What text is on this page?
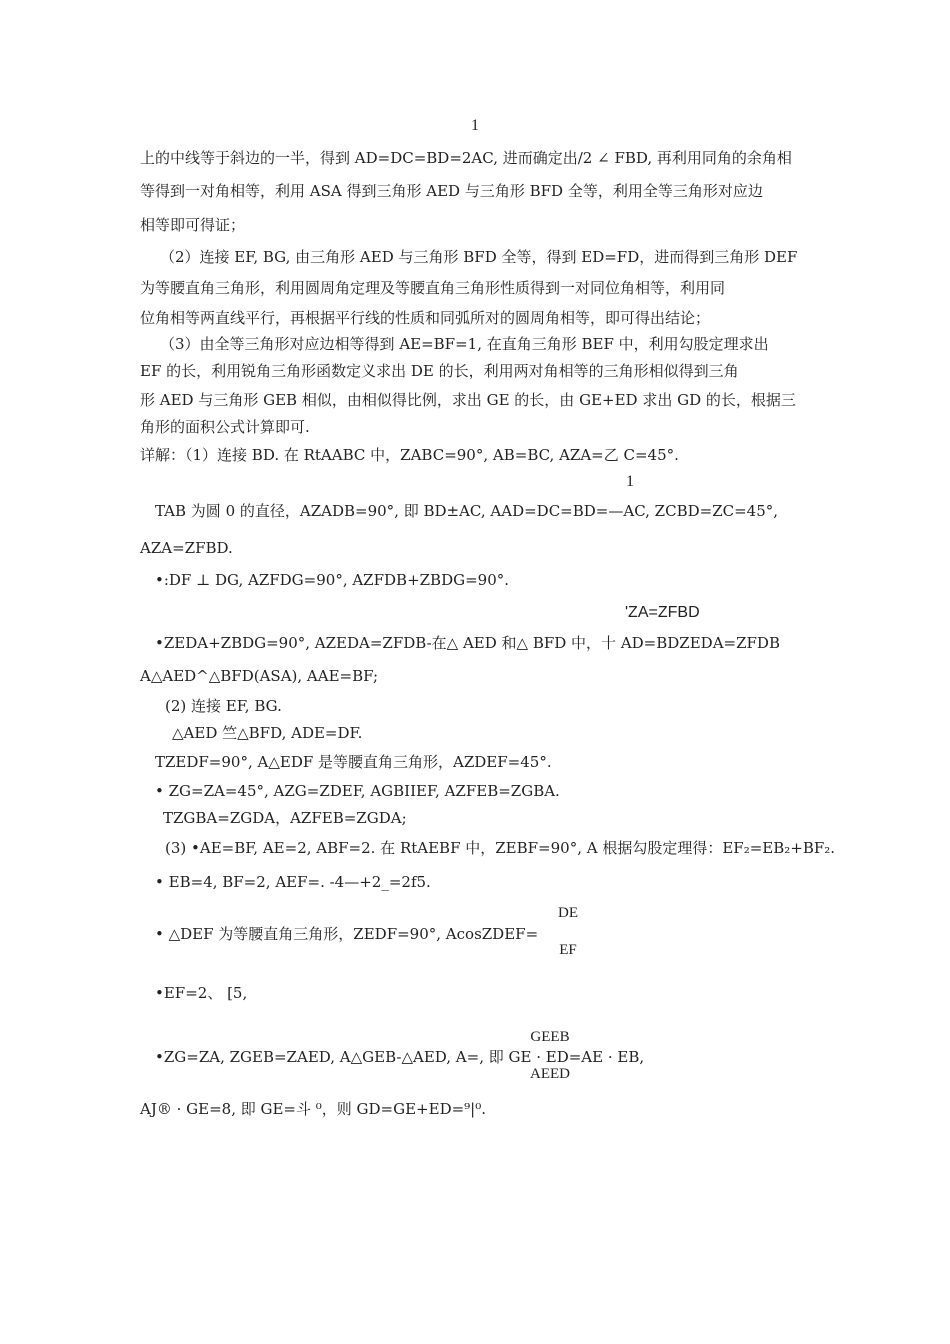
1
上的中线等于斜边的一半，得到 AD=DC=BD=2AC, 进而确定出/2 ∠ FBD, 再利用同角的余角相
等得到一对角相等，利用 ASA 得到三角形 AED 与三角形 BFD 全等，利用全等三角形对应边
相等即可得证；
（2）连接 EF, BG, 由三角形 AED 与三角形 BFD 全等，得到 ED=FD，进而得到三角形 DEF
为等腰直角三角形，利用圆周角定理及等腰直角三角形性质得到一对同位角相等，利用同
位角相等两直线平行，再根据平行线的性质和同弧所对的圆周角相等，即可得出结论；
（3）由全等三角形对应边相等得到 AE=BF=1, 在直角三角形 BEF 中，利用勾股定理求出
EF 的长，利用锐角三角形函数定义求出 DE 的长，利用两对角相等的三角形相似得到三角
形 AED 与三角形 GEB 相似，由相似得比例，求出 GE 的长，由 GE+ED 求出 GD 的长，根据三
角形的面积公式计算即可.
详解：（1）连接 BD. 在 RtAABC 中，ZABC=90°, AB=BC, AZA=乙 C=45°.
1
TAB 为圆 0 的直径，AZADB=90°, 即 BD±AC, AAD=DC=BD=—AC, ZCBD=ZC=45°,
AZA=ZFBD.
•:DF ⊥ DG, AZFDG=90°, AZFDB+ZBDG=90°.
'ZA=ZFBD
•ZEDA+ZBDG=90°, AZEDA=ZFDB-在△ AED 和△ BFD 中，十 AD=BDZEDA=ZFDB
A△AED^△BFD(ASA), AAE=BF;
(2) 连接 EF, BG.
△AED 竺△BFD, ADE=DF.
TZEDF=90°, A△EDF 是等腰直角三角形，AZDEF=45°.
• ZG=ZA=45°, AZG=ZDEF, AGBIIEF, AZFEB=ZGBA.
TZGBA=ZGDA，AZFEB=ZGDA;
(3) •AE=BF, AE=2, ABF=2. 在 RtAEBF 中，ZEBF=90°, A 根据勾股定理得：EF₂=EB₂+BF₂.
• EB=4, BF=2, AEF=. -4—+2_=2f5.
DE
• △DEF 为等腰直角三角形，ZEDF=90°, AcosZDEF=
EF
•EF=2、 [5,
GEEB
•ZG=ZA, ZGEB=ZAED, A△GEB-△AED, A=, 即 GE · ED=AE · EB,
AEED
AJ® · GE=8, 即 GE=斗 ⁰，则 GD=GE+ED=⁹|⁰.
